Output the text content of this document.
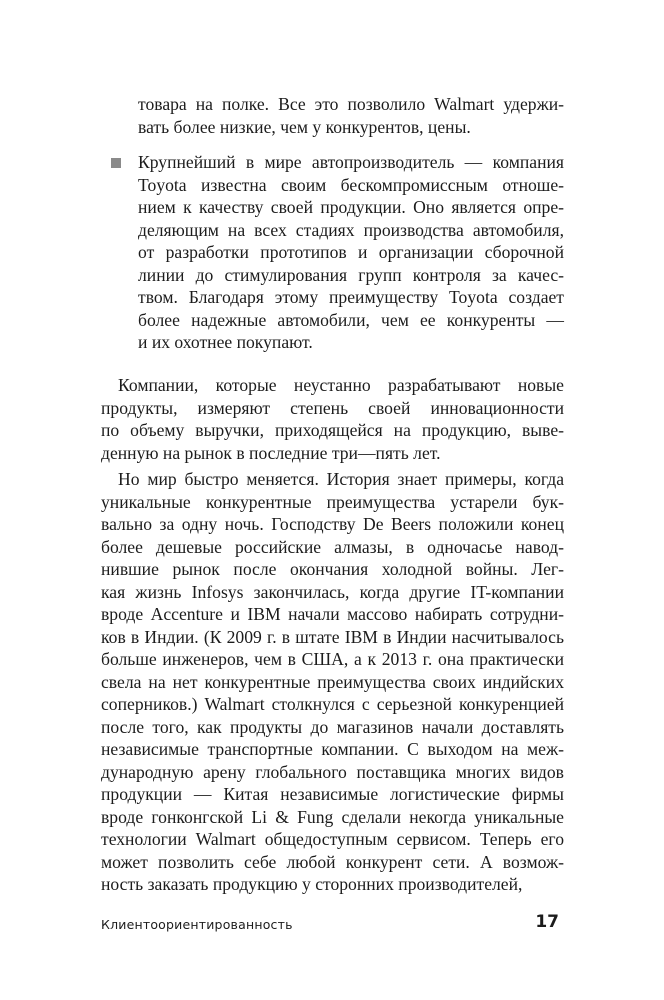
товара на полке. Все это позволило Walmart удержи-
вать более низкие, чем у конкурентов, цены.
Крупнейший в мире автопроизводитель — компания
Toyota известна своим бескомпромиссным отноше-
нием к качеству своей продукции. Оно является опре-
деляющим на всех стадиях производства автомобиля,
от разработки прототипов и организации сборочной
линии до стимулирования групп контроля за качес-
твом. Благодаря этому преимуществу Toyota создает
более надежные автомобили, чем ее конкуренты —
и их охотнее покупают.
Компании, которые неустанно разрабатывают новые
продукты, измеряют степень своей инновационности
по объему выручки, приходящейся на продукцию, выве-
денную на рынок в последние три—пять лет.
Но мир быстро меняется. История знает примеры, когда
уникальные конкурентные преимущества устарели бук-
вально за одну ночь. Господству De Beers положили конец
более дешевые российские алмазы, в одночасье навод-
нившие рынок после окончания холодной войны. Лег-
кая жизнь Infosys закончилась, когда другие IT-компании
вроде Accenture и IBM начали массово набирать сотрудни-
ков в Индии. (К 2009 г. в штате IBM в Индии насчитывалось
больше инженеров, чем в США, а к 2013 г. она практически
свела на нет конкурентные преимущества своих индийских
соперников.) Walmart столкнулся с серьезной конкуренцией
после того, как продукты до магазинов начали доставлять
независимые транспортные компании. С выходом на меж-
дународную арену глобального поставщика многих видов
продукции — Китая независимые логистические фирмы
вроде гонконгской Li & Fung сделали некогда уникальные
технологии Walmart общедоступным сервисом. Теперь его
может позволить себе любой конкурент сети. А возмож-
ность заказать продукцию у сторонних производителей,
Клиентоориентированность	17
